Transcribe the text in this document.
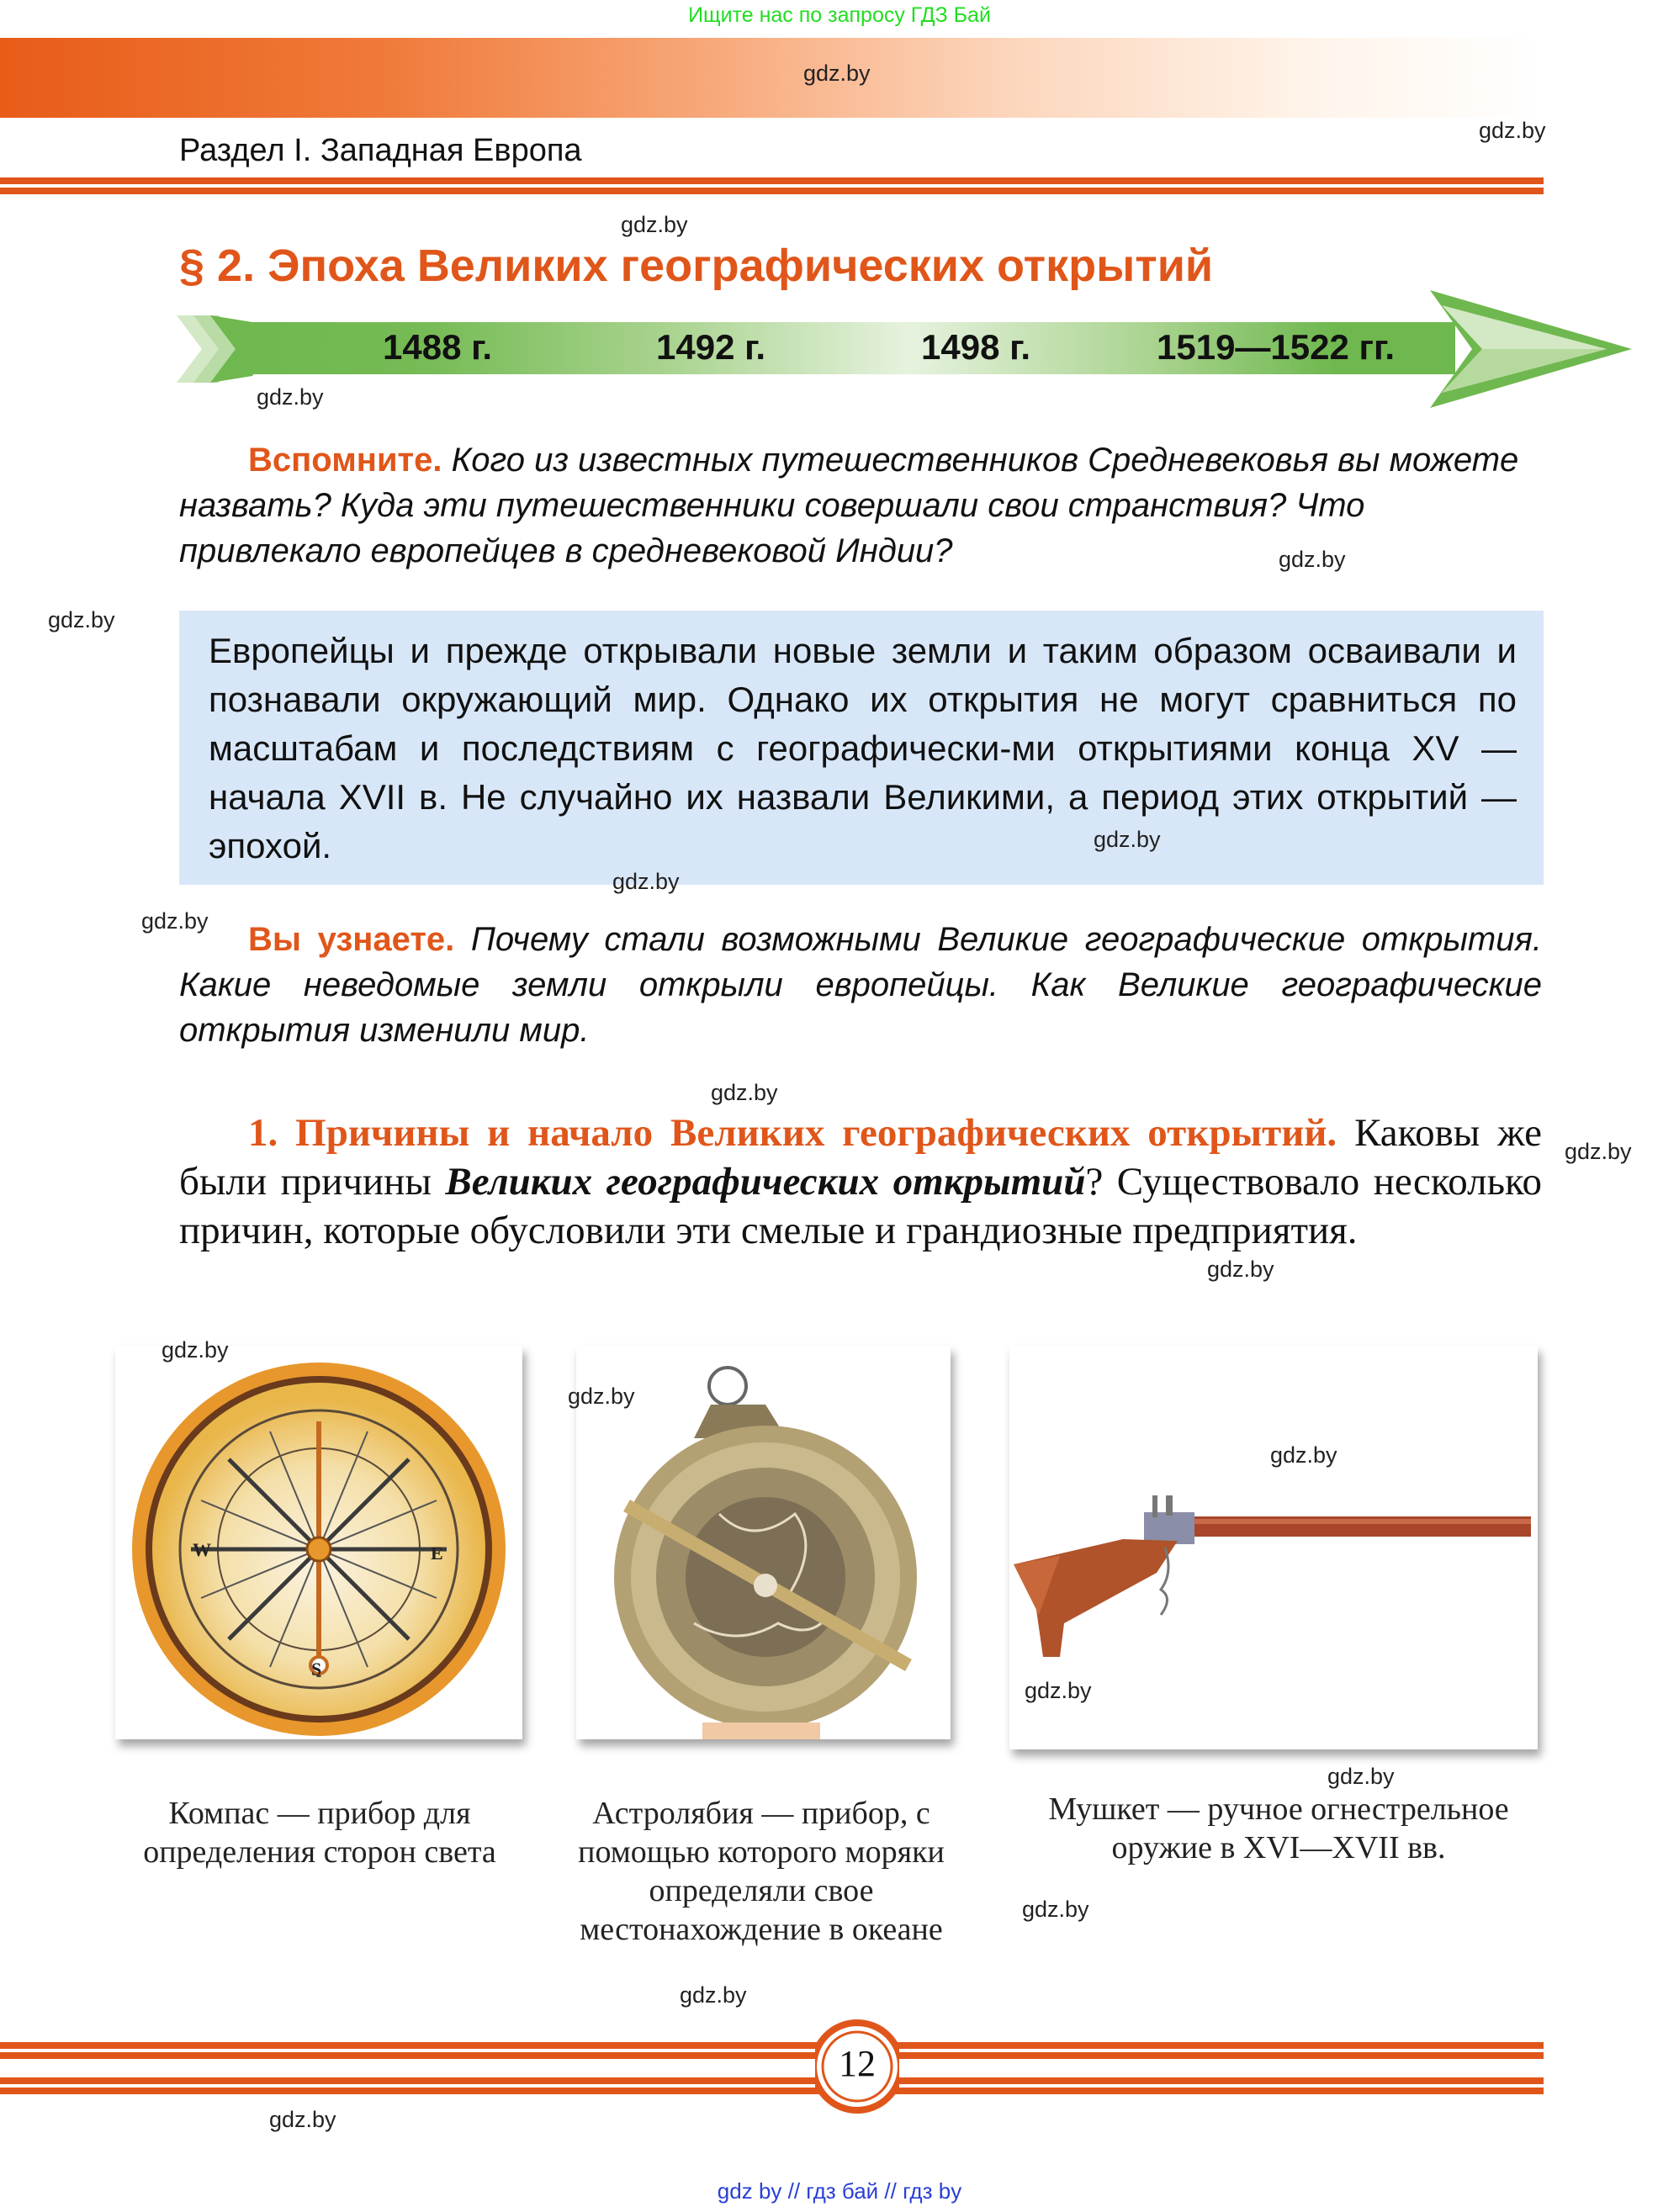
Ищите нас по запросу ГДЗ Бай
gdz.by
gdz.by
Раздел I. Западная Европа
gdz.by
§ 2. Эпоха Великих географических открытий
1488 г.	1492 г.	1498 г.	1519—1522 гг.
gdz.by
Вспомните. Кого из известных путешественников Средневековья вы можете назвать? Куда эти путешественники совершали свои странствия? Что привлекало европейцев в средневековой Индии?	gdz.by
gdz.by
Европейцы и прежде открывали новые земли и таким образом осваивали и познавали окружающий мир. Однако их открытия не могут сравниться по масштабам и последствиям с географически-ми открытиями конца XV — начала XVII в. Не случайно их назвали Великими, а период этих открытий — эпохой.	gdz.by
gdz.by
gdz.by	Вы узнаете. Почему стали возможными Великие географические открытия. Какие неведомые земли открыли европейцы. Как Великие географические открытия изменили мир.
gdz.by
gdz.by
1. Причины и начало Великих географических открытий. Каковы же были причины Великих географических открытий? Существовало несколько причин, которые обусловили эти смелые и грандиозные предприятия.
gdz.by
W	E
S
gdz.by
gdz.by
gdz.by
gdz.by
Компас — прибор для определения сторон света
Астролябия — прибор, с помощью которого моряки определяли свое местонахождение в океане
gdz.by
Мушкет — ручное огнестрельное оружие в XVI—XVII вв.
gdz.by
gdz.by
12
gdz.by
gdz by // гдз бай // гдз by
